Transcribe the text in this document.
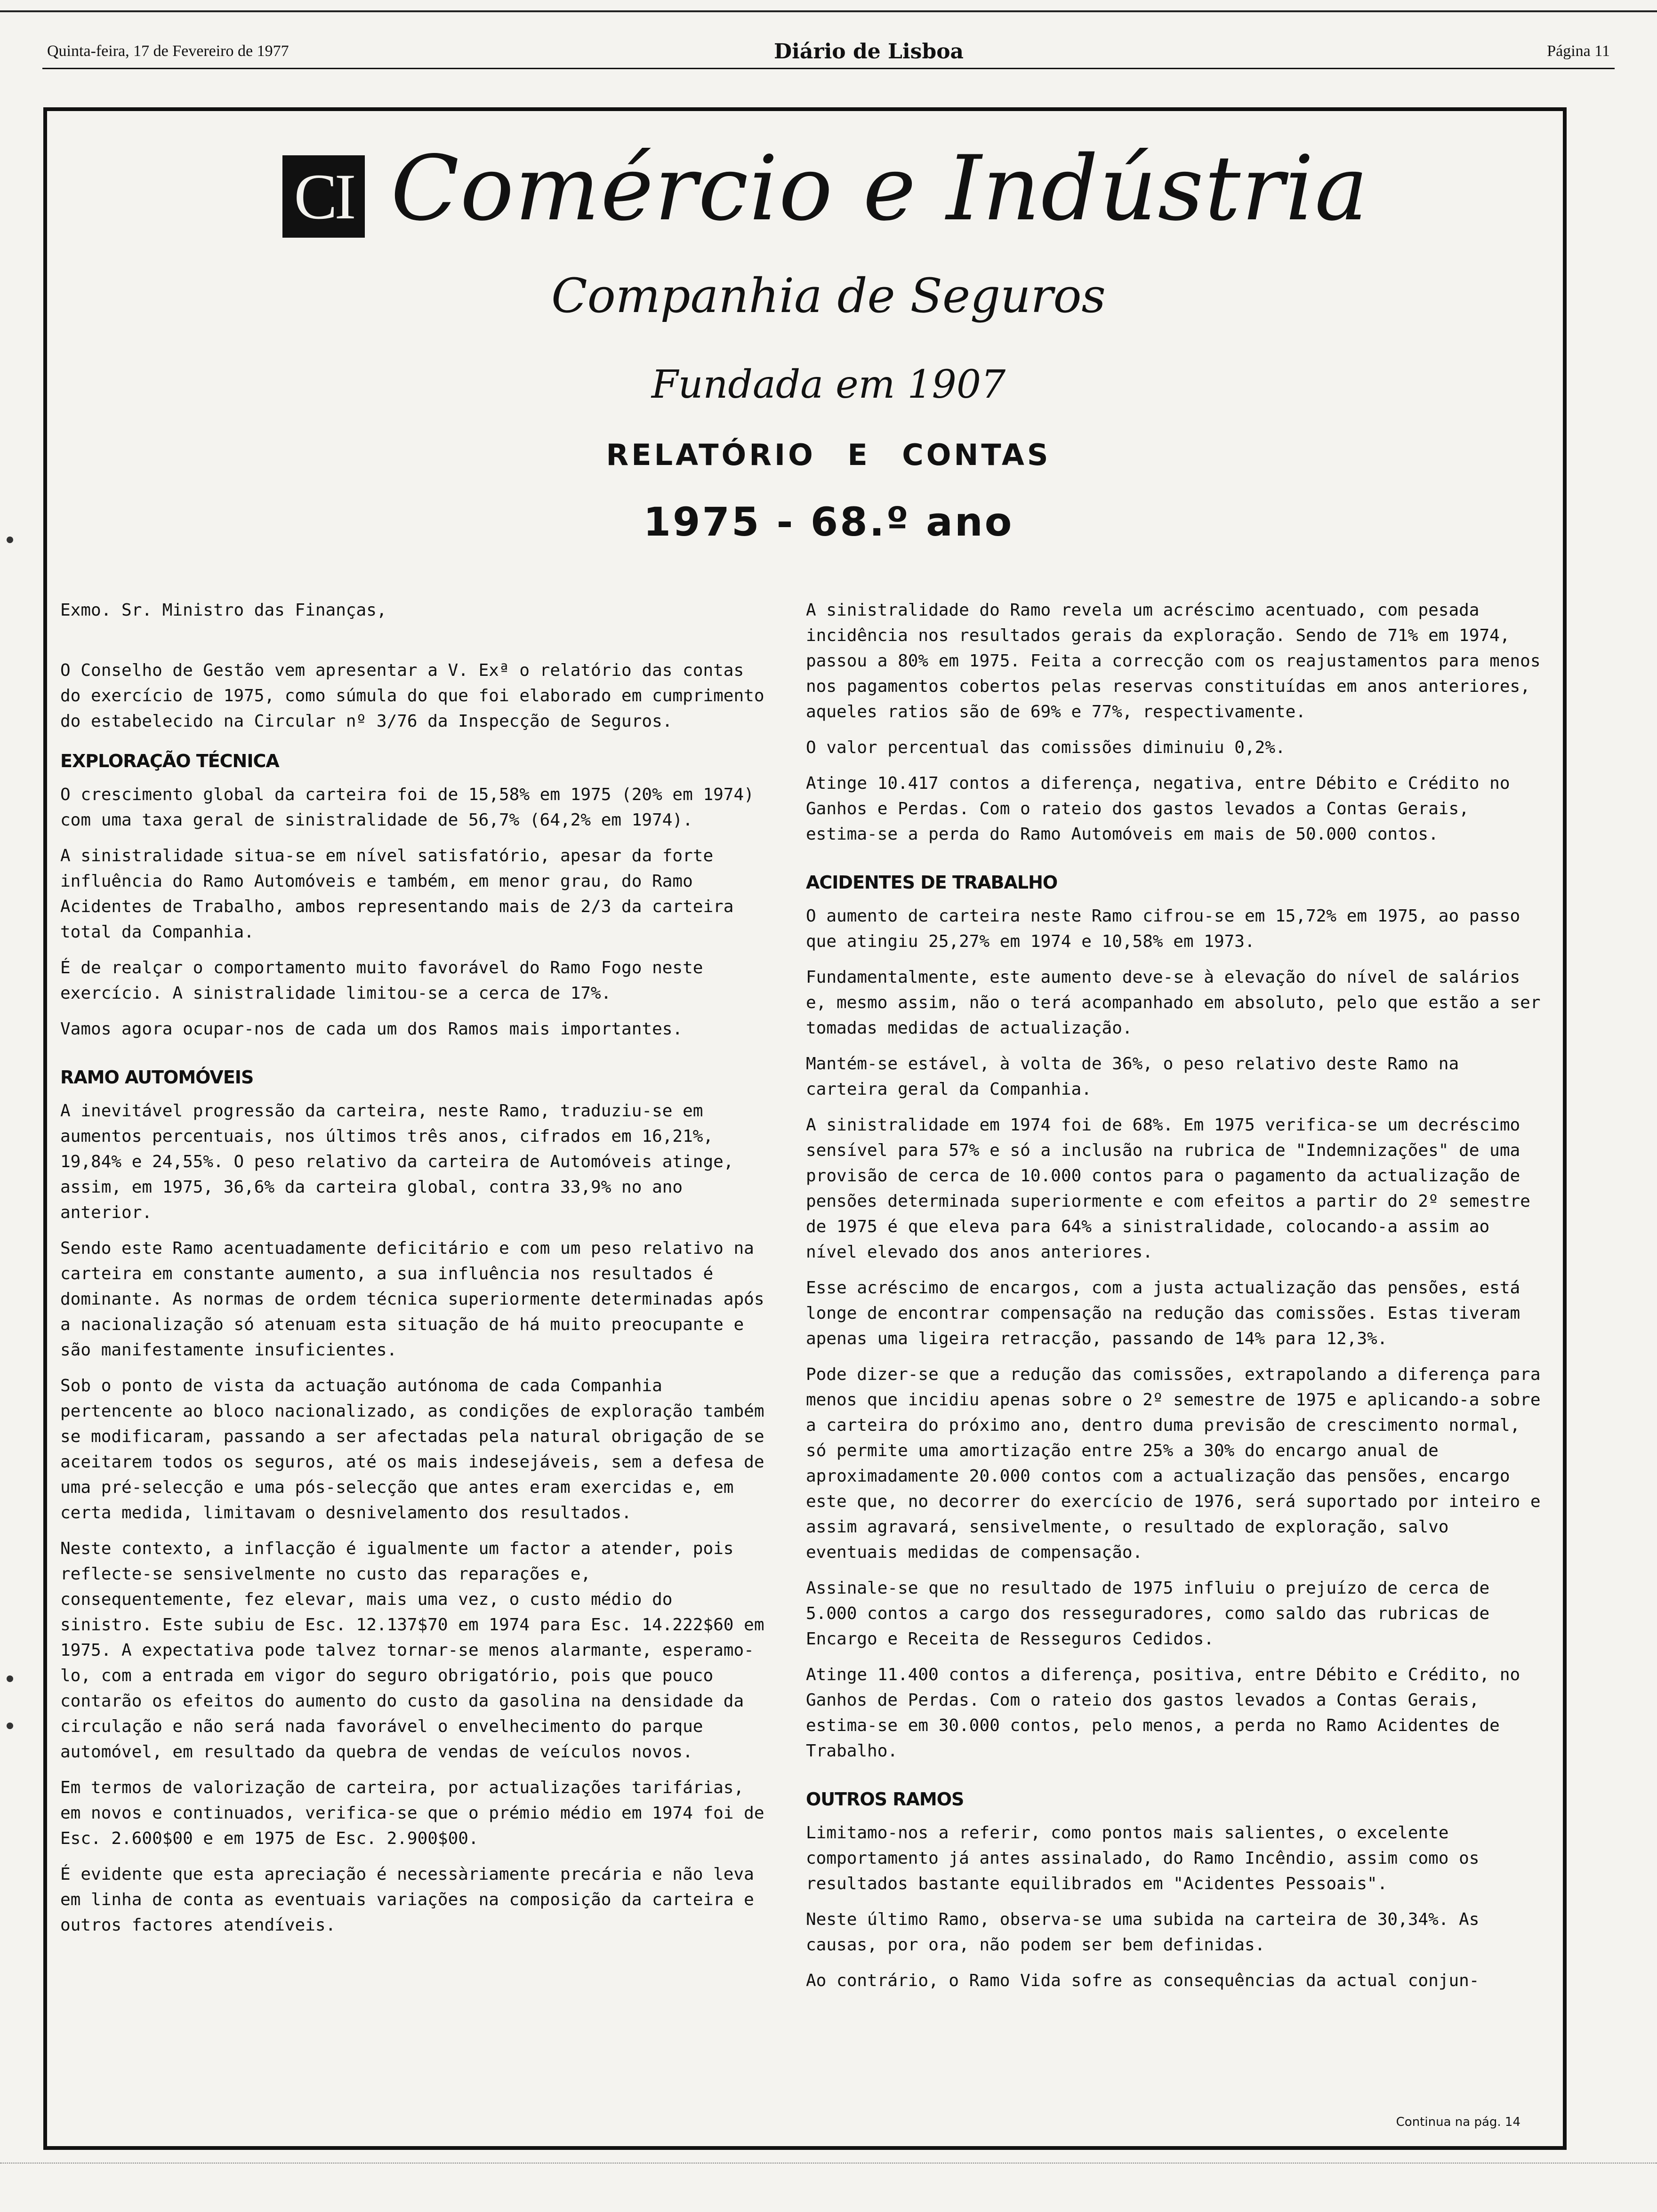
Quinta-feira, 17 de Fevereiro de 1977	Diário de Lisboa	Página 11
CI Comércio e Indústria
Companhia de Seguros
Fundada em 1907
RELATÓRIO E CONTAS
1975 - 68.º ano

Exmo. Sr. Ministro das Finanças,

O Conselho de Gestão vem apresentar a V. Exª o relatório das contas do exercício de 1975, como súmula do que foi elaborado em cumprimento do estabelecido na Circular nº 3/76 da Inspecção de Seguros.

EXPLORAÇÃO TÉCNICA

O crescimento global da carteira foi de 15,58% em 1975 (20% em 1974) com uma taxa geral de sinistralidade de 56,7% (64,2% em 1974).

A sinistralidade situa-se em nível satisfatório, apesar da forte influência do Ramo Automóveis e também, em menor grau, do Ramo Acidentes de Trabalho, ambos representando mais de 2/3 da carteira total da Companhia.

É de realçar o comportamento muito favorável do Ramo Fogo neste exercício. A sinistralidade limitou-se a cerca de 17%.

Vamos agora ocupar-nos de cada um dos Ramos mais importantes.

RAMO AUTOMÓVEIS

A inevitável progressão da carteira, neste Ramo, traduziu-se em aumentos percentuais, nos últimos três anos, cifrados em 16,21%, 19,84% e 24,55%. O peso relativo da carteira de Automóveis atinge, assim, em 1975, 36,6% da carteira global, contra 33,9% no ano anterior.

Sendo este Ramo acentuadamente deficitário e com um peso relativo na carteira em constante aumento, a sua influência nos resultados é dominante. As normas de ordem técnica superiormente determinadas após a nacionalização só atenuam esta situação de há muito preocupante e são manifestamente insuficientes.

Sob o ponto de vista da actuação autónoma de cada Companhia pertencente ao bloco nacionalizado, as condições de exploração também se modificaram, passando a ser afectadas pela natural obrigação de se aceitarem todos os seguros, até os mais indesejáveis, sem a defesa de uma pré-selecção e uma pós-selecção que antes eram exercidas e, em certa medida, limitavam o desnivelamento dos resultados.

Neste contexto, a inflacção é igualmente um factor a atender, pois reflecte-se sensivelmente no custo das reparações e, consequentemente, fez elevar, mais uma vez, o custo médio do sinistro. Este subiu de Esc. 12.137$70 em 1974 para Esc. 14.222$60 em 1975. A expectativa pode talvez tornar-se menos alarmante, esperamo-lo, com a entrada em vigor do seguro obrigatório, pois que pouco contarão os efeitos do aumento do custo da gasolina na densidade da circulação e não será nada favorável o envelhecimento do parque automóvel, em resultado da quebra de vendas de veículos novos.

Em termos de valorização de carteira, por actualizações tarifárias, em novos e continuados, verifica-se que o prémio médio em 1974 foi de Esc. 2.600$00 e em 1975 de Esc. 2.900$00.

É evidente que esta apreciação é necessàriamente precária e não leva em linha de conta as eventuais variações na composição da carteira e outros factores atendíveis.

A sinistralidade do Ramo revela um acréscimo acentuado, com pesada incidência nos resultados gerais da exploração. Sendo de 71% em 1974, passou a 80% em 1975. Feita a correcção com os reajustamentos para menos nos pagamentos cobertos pelas reservas constituídas em anos anteriores, aqueles ratios são de 69% e 77%, respectivamente.

O valor percentual das comissões diminuiu 0,2%.

Atinge 10.417 contos a diferença, negativa, entre Débito e Crédito no Ganhos e Perdas. Com o rateio dos gastos levados a Contas Gerais, estima-se a perda do Ramo Automóveis em mais de 50.000 contos.

ACIDENTES DE TRABALHO

O aumento de carteira neste Ramo cifrou-se em 15,72% em 1975, ao passo que atingiu 25,27% em 1974 e 10,58% em 1973.

Fundamentalmente, este aumento deve-se à elevação do nível de salários e, mesmo assim, não o terá acompanhado em absoluto, pelo que estão a ser tomadas medidas de actualização.

Mantém-se estável, à volta de 36%, o peso relativo deste Ramo na carteira geral da Companhia.

A sinistralidade em 1974 foi de 68%. Em 1975 verifica-se um decréscimo sensível para 57% e só a inclusão na rubrica de "Indemnizações" de uma provisão de cerca de 10.000 contos para o pagamento da actualização de pensões determinada superiormente e com efeitos a partir do 2º semestre de 1975 é que eleva para 64% a sinistralidade, colocando-a assim ao nível elevado dos anos anteriores.

Esse acréscimo de encargos, com a justa actualização das pensões, está longe de encontrar compensação na redução das comissões. Estas tiveram apenas uma ligeira retracção, passando de 14% para 12,3%.

Pode dizer-se que a redução das comissões, extrapolando a diferença para menos que incidiu apenas sobre o 2º semestre de 1975 e aplicando-a sobre a carteira do próximo ano, dentro duma previsão de crescimento normal, só permite uma amortização entre 25% a 30% do encargo anual de aproximadamente 20.000 contos com a actualização das pensões, encargo este que, no decorrer do exercício de 1976, será suportado por inteiro e assim agravará, sensivelmente, o resultado de exploração, salvo eventuais medidas de compensação.

Assinale-se que no resultado de 1975 influiu o prejuízo de cerca de 5.000 contos a cargo dos resseguradores, como saldo das rubricas de Encargo e Receita de Resseguros Cedidos.

Atinge 11.400 contos a diferença, positiva, entre Débito e Crédito, no Ganhos de Perdas. Com o rateio dos gastos levados a Contas Gerais, estima-se em 30.000 contos, pelo menos, a perda no Ramo Acidentes de Trabalho.

OUTROS RAMOS

Limitamo-nos a referir, como pontos mais salientes, o excelente comportamento já antes assinalado, do Ramo Incêndio, assim como os resultados bastante equilibrados em "Acidentes Pessoais".

Neste último Ramo, observa-se uma subida na carteira de 30,34%. As causas, por ora, não podem ser bem definidas.

Ao contrário, o Ramo Vida sofre as consequências da actual conjun-

Continua na pág. 14
